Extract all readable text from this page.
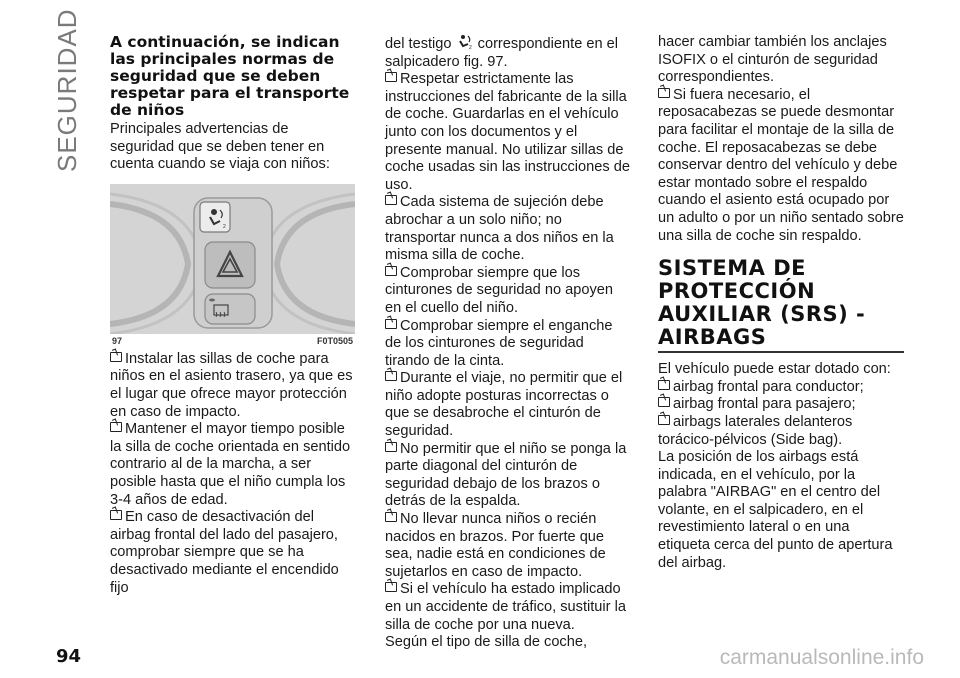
SEGURIDAD A continuación, se indican las principales normas de seguridad que se deben respetar para el transporte de niños

Principales advertencias de seguridad que se deben tener en cuenta cuando se viaja con niños:

2
97	F0T0505

Instalar las sillas de coche para niños en el asiento trasero, ya que es el lugar que ofrece mayor protección en caso de impacto.

Mantener el mayor tiempo posible la silla de coche orientada en sentido contrario al de la marcha, a ser posible hasta que el niño cumpla los 3-4 años de edad.

En caso de desactivación del airbag frontal del lado del pasajero, comprobar siempre que se ha desactivado mediante el encendido fijo

del testigo	2 correspondiente en el salpicadero fig. 97.

Respetar estrictamente las instrucciones del fabricante de la silla de coche. Guardarlas en el vehículo junto con los documentos y el presente manual. No utilizar sillas de coche usadas sin las instrucciones de uso.

Cada sistema de sujeción debe abrochar a un solo niño; no transportar nunca a dos niños en la misma silla de coche.

Comprobar siempre que los cinturones de seguridad no apoyen en el cuello del niño.

Comprobar siempre el enganche de los cinturones de seguridad tirando de la cinta.

Durante el viaje, no permitir que el niño adopte posturas incorrectas o que se desabroche el cinturón de seguridad.

No permitir que el niño se ponga la parte diagonal del cinturón de seguridad debajo de los brazos o detrás de la espalda.

No llevar nunca niños o recién nacidos en brazos. Por fuerte que sea, nadie está en condiciones de sujetarlos en caso de impacto.

Si el vehículo ha estado implicado en un accidente de tráfico, sustituir la silla de coche por una nueva.

Según el tipo de silla de coche,

hacer cambiar también los anclajes ISOFIX o el cinturón de seguridad correspondientes.

Si fuera necesario, el reposacabezas se puede desmontar para facilitar el montaje de la silla de coche. El reposacabezas se debe conservar dentro del vehículo y debe estar montado sobre el respaldo cuando el asiento está ocupado por un adulto o por un niño sentado sobre una silla de coche sin respaldo.

SISTEMA DE PROTECCIÓN AUXILIAR (SRS) - AIRBAGS

El vehículo puede estar dotado con:

airbag frontal para conductor;

airbag frontal para pasajero;

airbags laterales delanteros torácico-pélvicos (Side bag).

La posición de los airbags está indicada, en el vehículo, por la palabra "AIRBAG" en el centro del volante, en el salpicadero, en el revestimiento lateral o en una etiqueta cerca del punto de apertura del airbag.

94	carmanualsonline.info
